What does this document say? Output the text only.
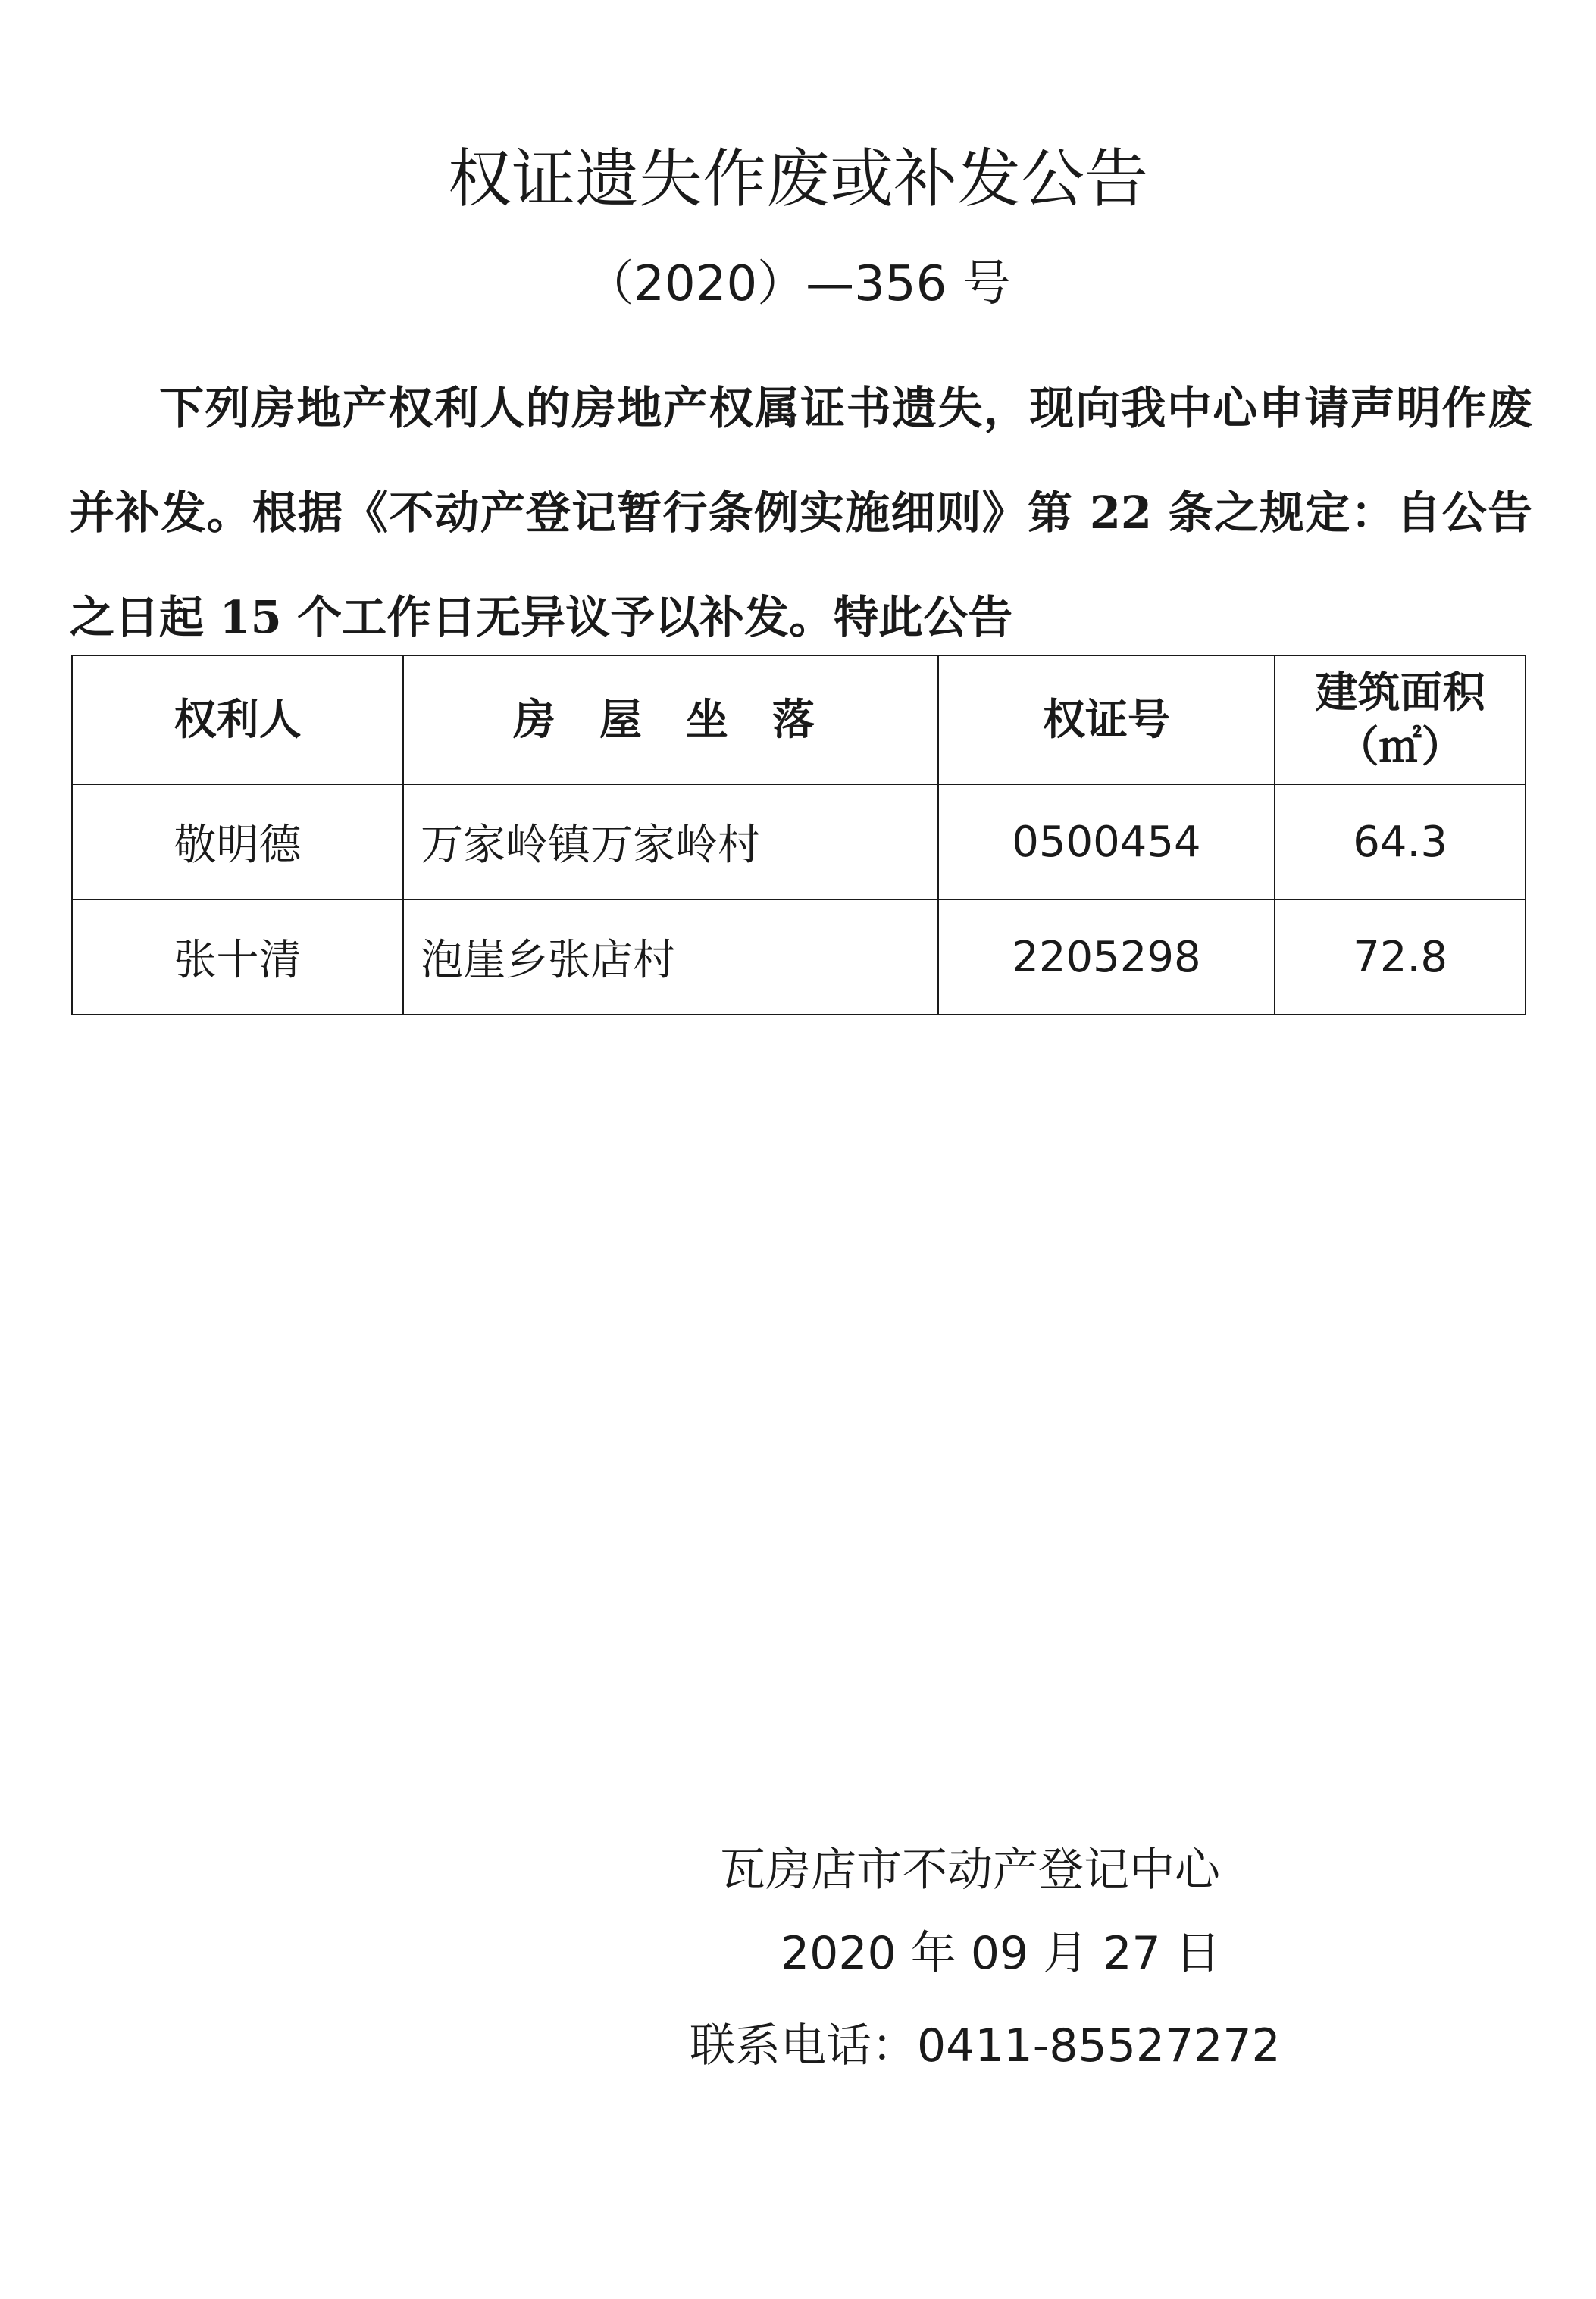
权证遗失作废或补发公告
（2020）—356 号

下列房地产权利人的房地产权属证书遗失，现向我中心申请声明作废并补发。根据《不动产登记暂行条例实施细则》第 22 条之规定：自公告之日起 15 个工作日无异议予以补发。特此公告

权利人	房屋坐落	权证号	建筑面积
（㎡）

敬明德	万家岭镇万家岭村	0500454	64.3
张十清	泡崖乡张店村	2205298	72.8
瓦房店市不动产登记中心
2020 年 09 月 27 日
联系电话：0411-85527272
